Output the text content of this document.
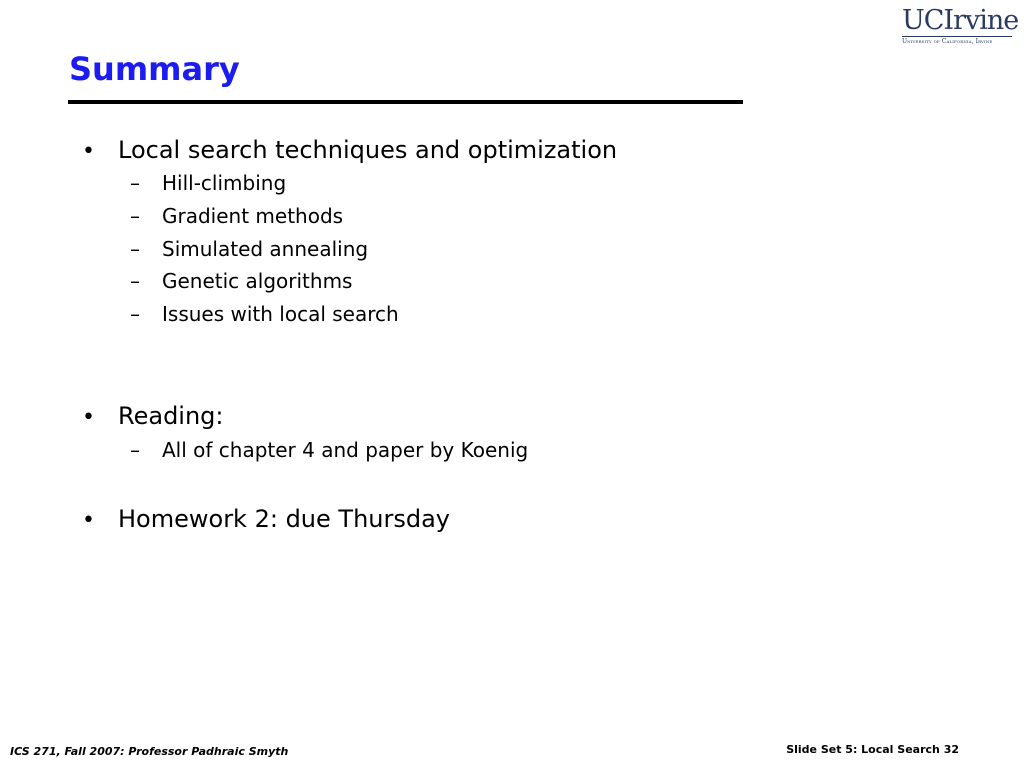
Summary
UCIrvine
University of California, Irvine
• Local search techniques and optimization
–	Hill-climbing
–	Gradient methods
–	Simulated annealing
–	Genetic algorithms
–	Issues with local search
• Reading:
–	All of chapter 4 and paper by Koenig
• Homework 2: due Thursday
ICS 271, Fall 2007: Professor Padhraic Smyth	Slide Set 5: Local Search 32
